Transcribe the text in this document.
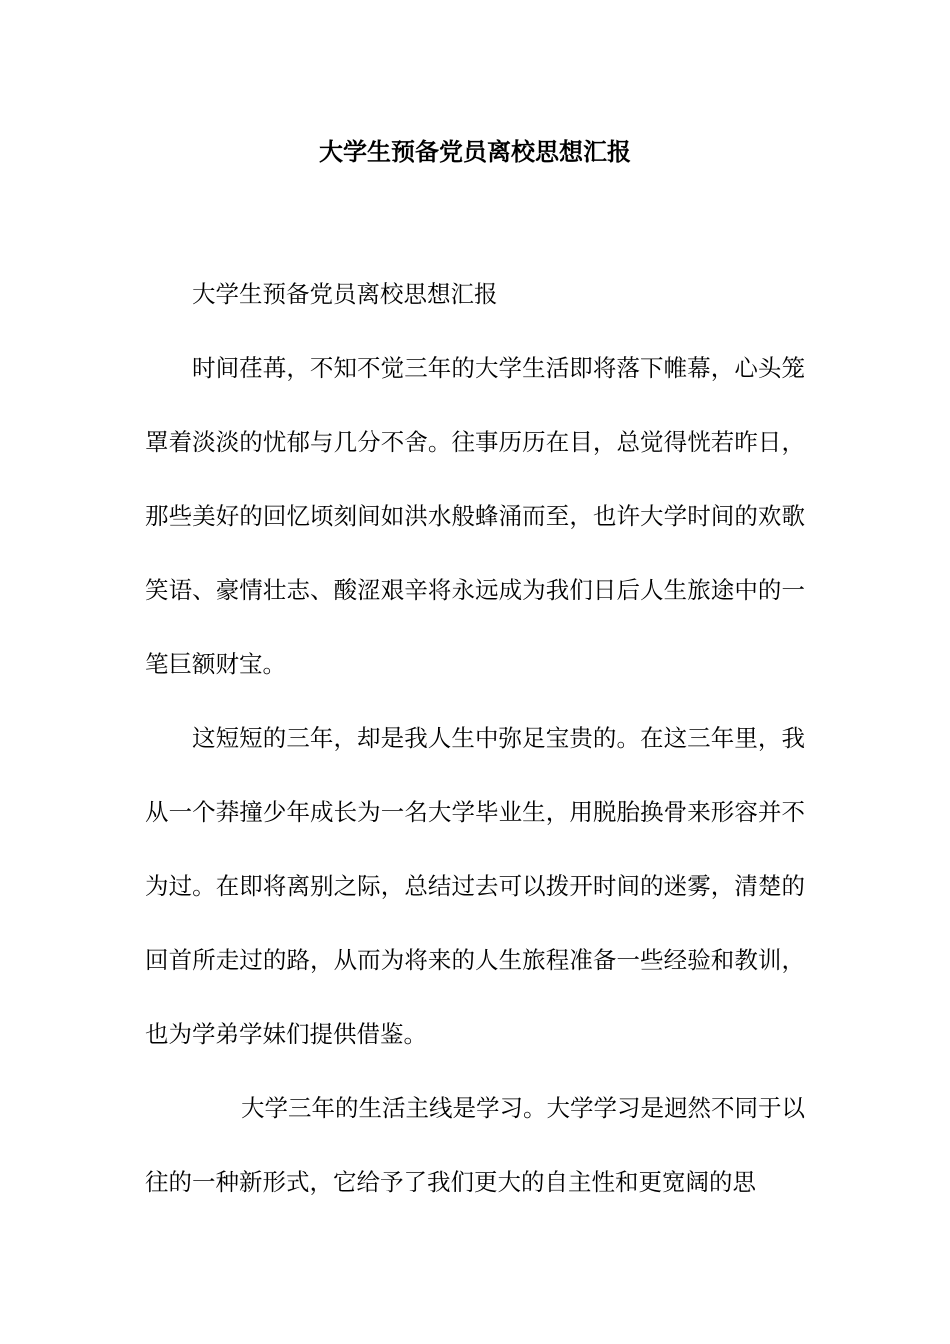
大学生预备党员离校思想汇报

大学生预备党员离校思想汇报

时间荏苒，不知不觉三年的大学生活即将落下帷幕，心头笼罩着淡淡的忧郁与几分不舍。往事历历在目，总觉得恍若昨日，那些美好的回忆顷刻间如洪水般蜂涌而至，也许大学时间的欢歌笑语、豪情壮志、酸涩艰辛将永远成为我们日后人生旅途中的一笔巨额财宝。

这短短的三年，却是我人生中弥足宝贵的。在这三年里，我从一个莽撞少年成长为一名大学毕业生，用脱胎换骨来形容并不为过。在即将离别之际，总结过去可以拨开时间的迷雾，清楚的回首所走过的路，从而为将来的人生旅程准备一些经验和教训，也为学弟学妹们提供借鉴。

大学三年的生活主线是学习。大学学习是迥然不同于以往的一种新形式，它给予了我们更大的自主性和更宽阔的思
